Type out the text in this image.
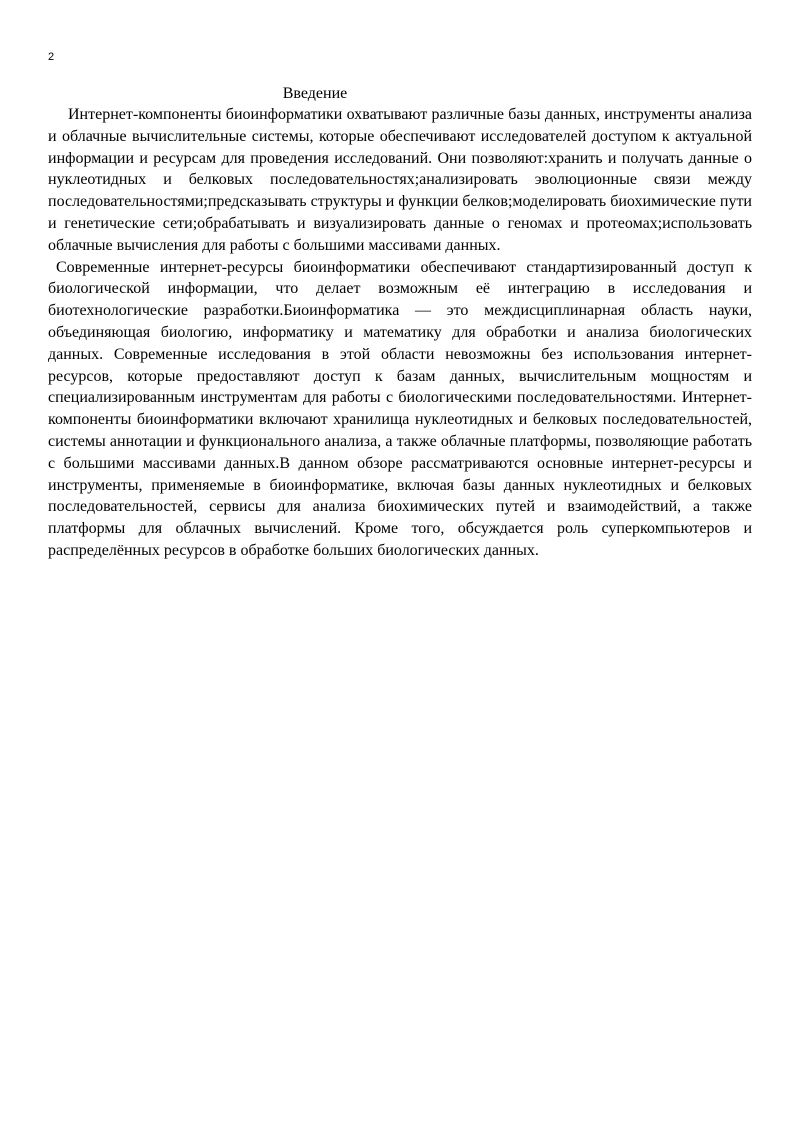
2
Введение

Интернет-компоненты биоинформатики охватывают различные базы данных, инструменты анализа и облачные вычислительные системы, которые обеспечивают исследователей доступом к актуальной информации и ресурсам для проведения исследований. Они позволяют:хранить и получать данные о нуклеотидных и белковых последовательностях;анализировать эволюционные связи между последовательностями;предсказывать структуры и функции белков;моделировать биохимические пути и генетические сети;обрабатывать и визуализировать данные о геномах и протеомах;использовать облачные вычисления для работы с большими массивами данных.

Современные интернет-ресурсы биоинформатики обеспечивают стандартизированный доступ к биологической информации, что делает возможным её интеграцию в исследования и биотехнологические разработки.Биоинформатика — это междисциплинарная область науки, объединяющая биологию, информатику и математику для обработки и анализа биологических данных. Современные исследования в этой области невозможны без использования интернет-ресурсов, которые предоставляют доступ к базам данных, вычислительным мощностям и специализированным инструментам для работы с биологическими последовательностями. Интернет-компоненты биоинформатики включают хранилища нуклеотидных и белковых последовательностей, системы аннотации и функционального анализа, а также облачные платформы, позволяющие работать с большими массивами данных.В данном обзоре рассматриваются основные интернет-ресурсы и инструменты, применяемые в биоинформатике, включая базы данных нуклеотидных и белковых последовательностей, сервисы для анализа биохимических путей и взаимодействий, а также платформы для облачных вычислений. Кроме того, обсуждается роль суперкомпьютеров и распределённых ресурсов в обработке больших биологических данных.
